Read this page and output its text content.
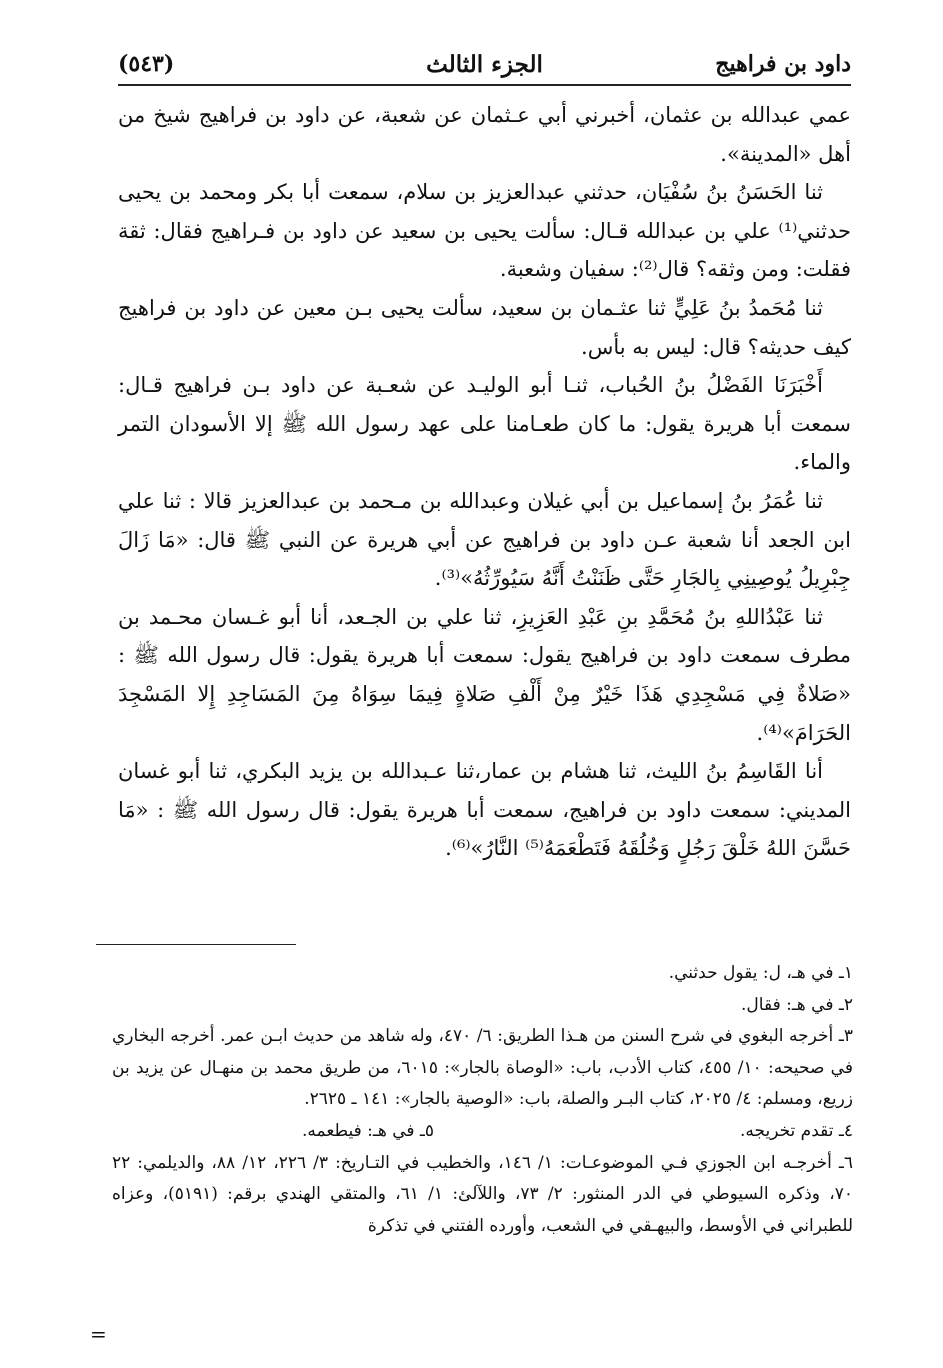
داود بن فراهيج
الجزء الثالث
(٥٤٣)

عمي عبدالله بن عثمان، أخبرني أبي عـثمان عن شعبة، عن داود بن فراهيج شيخ من أهل «المدينة».

ثنا الحَسَنُ بنُ سُفْيَان، حدثني عبدالعزيز بن سلام، سمعت أبا بكر ومحمد بن يحيى حدثني⁽¹⁾ علي بن عبدالله قـال: سألت يحيى بن سعيد عن داود بن فـراهيج فقال: ثقة فقلت: ومن وثقه؟ قال⁽²⁾: سفيان وشعبة.

ثنا مُحَمدُ بنُ عَلِيٍّ ثنا عثـمان بن سعيد، سألت يحيى بـن معين عن داود بن فراهيج كيف حديثه؟ قال: ليس به بأس.

أَخْبَرَنَا الفَضْلُ بنُ الحُباب، ثنـا أبو الوليـد عن شعـبة عن داود بـن فراهيج قـال: سمعت أبا هريرة يقول: ما كان طعـامنا على عهد رسول الله ﷺ إلا الأسودان التمر والماء.

ثنا عُمَرُ بنُ إسماعيل بن أبي غيلان وعبدالله بن مـحمد بن عبدالعزيز قالا : ثنا علي ابن الجعد أنا شعبة عـن داود بن فراهيج عن أبي هريرة عن النبي ﷺ قال: «مَا زَالَ جِبْرِيلُ يُوصِينِي بِالجَارِ حَتَّى ظَنَنْتُ أَنَّهُ سَيُورِّثُهُ»⁽³⁾.

ثنا عَبْدُاللهِ بنُ مُحَمَّدِ بنِ عَبْدِ العَزِيزِ، ثنا علي بن الجـعد، أنا أبو غـسان محـمد بن مطرف سمعت داود بن فراهيج يقول: سمعت أبا هريرة يقول: قال رسول الله ﷺ : «صَلاةٌ فِي مَسْجِدِي هَذَا خَيْرٌ مِنْ أَلْفِ صَلاةٍ فِيمَا سِوَاهُ مِنَ المَسَاجِدِ إِلا المَسْجِدَ الحَرَامَ»⁽⁴⁾.

أنا القَاسِمُ بنُ الليث، ثنا هشام بن عمار،ثنا عـبدالله بن يزيد البكري، ثنا أبو غسان المديني: سمعت داود بن فراهيج، سمعت أبا هريرة يقول: قال رسول الله ﷺ : «مَا حَسَّنَ اللهُ خَلْقَ رَجُلٍ وَخُلُقَهُ فَتَطْعَمَهُ⁽⁵⁾ النَّارُ»⁽⁶⁾.

١ـ في هـ، ل: يقول حدثني.

٢ـ في هـ: فقال.

٣ـ أخرجه البغوي في شرح السنن من هـذا الطريق: ٦/ ٤٧٠، وله شاهد من حديث ابـن عمر. أخرجه البخاري في صحيحه: ١٠/ ٤٥٥، كتاب الأدب، باب: «الوصاة بالجار»: ٦٠١٥، من طريق محمد بن منهـال عن يزيد بن زريع، ومسلم: ٤/ ٢٠٢٥، كتاب البـر والصلة، باب: «الوصية بالجار»: ١٤١ ـ ٢٦٢٥.

٤ـ تقدم تخريجه.
٥ـ في هـ: فيطعمه.

٦ـ أخرجـه ابن الجوزي فـي الموضوعـات: ١/ ١٤٦، والخطيب في التـاريخ: ٣/ ٢٢٦، ١٢/ ٨٨، والديلمي: ٢٢ ٧٠، وذكره السيوطي في الدر المنثور: ٢/ ٧٣، واللآلئ: ١/ ٦١، والمتقي الهندي برقم: (٥١٩١)، وعزاه للطبراني في الأوسط، والبيهـقي في الشعب، وأورده الفتني في تذكرة

=
